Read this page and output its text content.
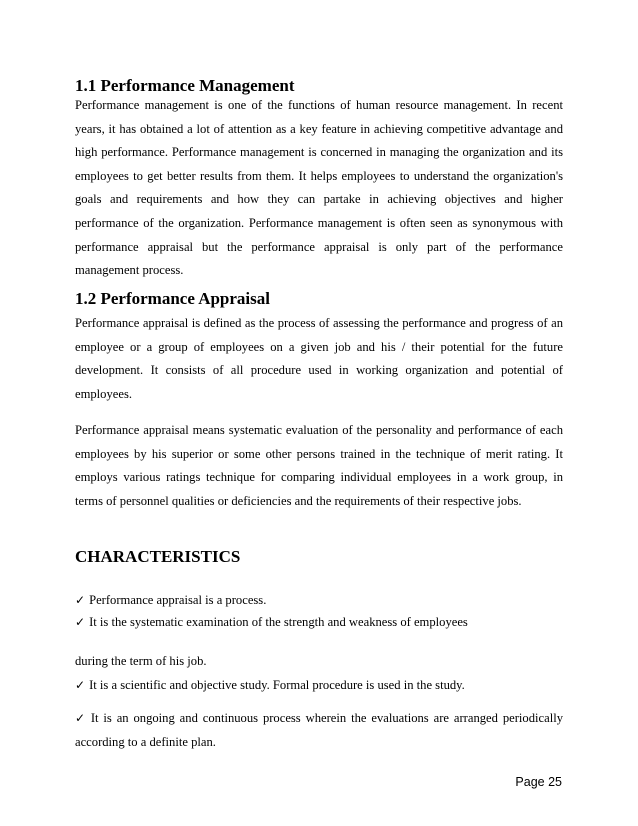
1.1 Performance Management
Performance management is one of the functions of human resource management. In recent years, it has obtained a lot of attention as a key feature in achieving competitive advantage and high performance. Performance management is concerned in managing the organization and its employees to get better results from them. It helps employees to understand the organization's goals and requirements and how they can partake in achieving objectives and higher performance of the organization. Performance management is often seen as synonymous with performance appraisal but the performance appraisal is only part of the performance management process.
1.2 Performance Appraisal
Performance appraisal is defined as the process of assessing the performance and progress of an employee or a group of employees on a given job and his / their potential for the future development. It consists of all procedure used in working organization and potential of employees.
Performance appraisal means systematic evaluation of the personality and performance of each employees by his superior or some other persons trained in the technique of merit rating. It employs various ratings technique for comparing individual employees in a work group, in terms of personnel qualities or deficiencies and the requirements of their respective jobs.
CHARACTERISTICS
✓ Performance appraisal is a process.
✓ It is the systematic examination of the strength and weakness of employees
during the term of his job.
✓ It is a scientific and objective study. Formal procedure is used in the study.
✓ It is an ongoing and continuous process wherein the evaluations are arranged periodically according to a definite plan.
Page 25
